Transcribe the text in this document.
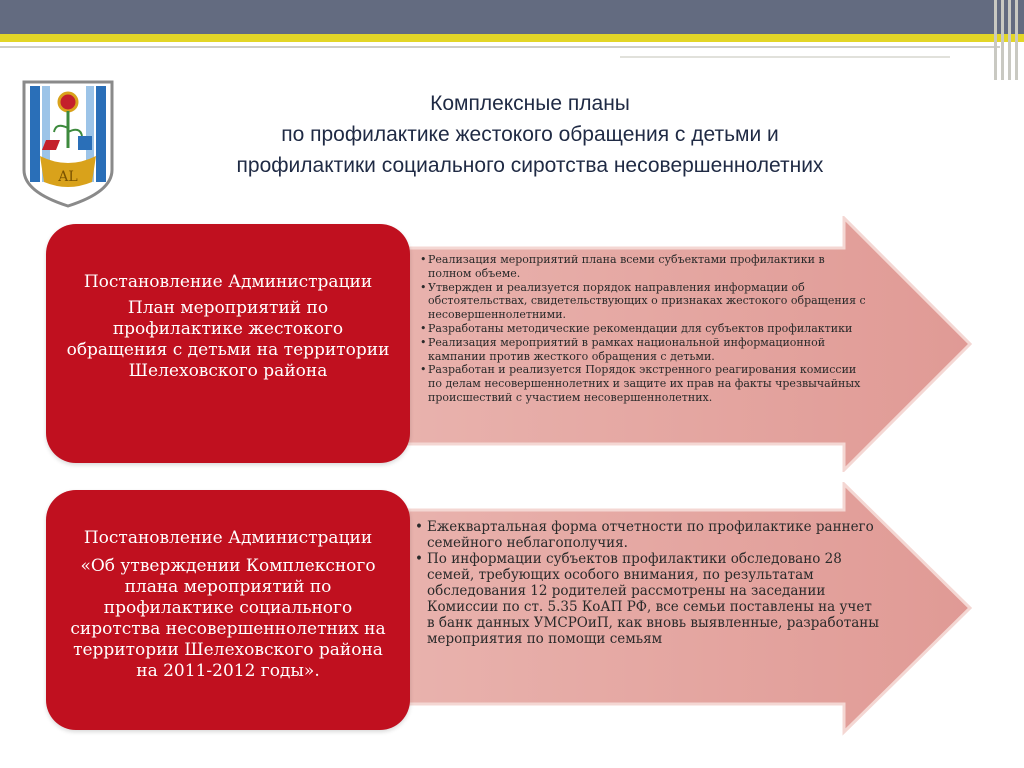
AL
Комплексные планы
по профилактике жестокого обращения с детьми и
профилактики социального сиротства несовершеннолетних
Постановление Администрации
План мероприятий по профилактике жестокого обращения с детьми на территории Шелеховского района
Постановление Администрации
«Об утверждении Комплексного плана мероприятий по профилактике социального сиротства несовершеннолетних на территории Шелеховского района на 2011-2012 годы».
• Реализация мероприятий плана всеми субъектами профилактики в полном объеме.
• Утвержден и реализуется порядок направления информации об обстоятельствах, свидетельствующих о признаках жестокого обращения с несовершеннолетними.
• Разработаны методические рекомендации для субъектов профилактики
• Реализация мероприятий в рамках национальной информационной кампании против жесткого обращения с детьми.
• Разработан и реализуется Порядок экстренного реагирования комиссии по делам несовершеннолетних и защите их прав на факты чрезвычайных происшествий с участием несовершеннолетних.
• Ежеквартальная форма отчетности по профилактике раннего семейного неблагополучия.
• По информации субъектов профилактики обследовано 28 семей, требующих особого внимания, по результатам обследования 12 родителей рассмотрены на заседании Комиссии по ст. 5.35 КоАП РФ, все семьи поставлены на учет в банк данных УМСРОиП, как вновь выявленные, разработаны мероприятия по помощи семьям
